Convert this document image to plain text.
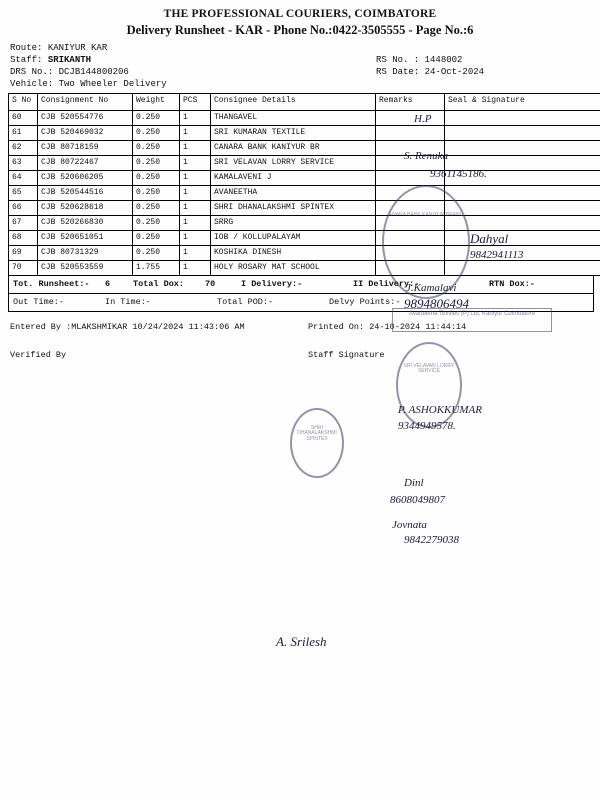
THE PROFESSIONAL COURIERS, COIMBATORE
Delivery Runsheet - KAR - Phone No.:0422-3505555 - Page No.:6
Route: KANIYUR KAR
Staff: SRIKANTH	RS No. : 1448002
DRS No.: DCJB144800206	RS Date: 24-Oct-2024
Vehicle: Two Wheeler Delivery
S No	Consignment No	Weight	PCS	Consignee Details	Remarks	Seal & Signature
60	CJB 520554776	0.250	1	THANGAVEL		
61	CJB 520469032	0.250	1	SRI KUMARAN TEXTILE		
62	CJB 80718159	0.250	1	CANARA BANK KANIYUR BR		
63	CJB 80722467	0.250	1	SRI VELAVAN LORRY SERVICE		
64	CJB 520606205	0.250	1	KAMALAVENI J		
65	CJB 520544516	0.250	1	AVANEETHA		
66	CJB 520628618	0.250	1	SHRI DHANALAKSHMI SPINTEX		
67	CJB 520266830	0.250	1	SRRG		
68	CJB 520651051	0.250	1	IOB / KOLLUPALAYAM		
69	CJB 80731329	0.250	1	KOSHIKA DINESH		
70	CJB 520553559	1.755	1	HOLY ROSARY MAT SCHOOL		
Tot. Runsheet:- 6	Total Dox: 70	I Delivery:-	II Delivery:-	RTN Dox:-
Out Time:-	In Time:-	Total POD:-	Delvy Points:-
Entered By :MLAKSHMIKAR 10/24/2024 11:43:06 AM	Printed On: 24-10-2024 11:44:14
Verified By	Staff Signature
CANARA BANK KANIYUR BRANCH
SRI VELAVAN LORRY SERVICE
SHRI DHANALAKSHMI SPINTEX
Avaneetha Textiles (P) Ltd, Kaniyur Coimbatore
H.P
S. Renuka
9361145186.
Dahyal
9842941113
J.Kamalavi
9894806494
P. ASHOKKUMAR
9344949578.
Dinl
8608049807
Jovnata
9842279038
A. Srilesh
